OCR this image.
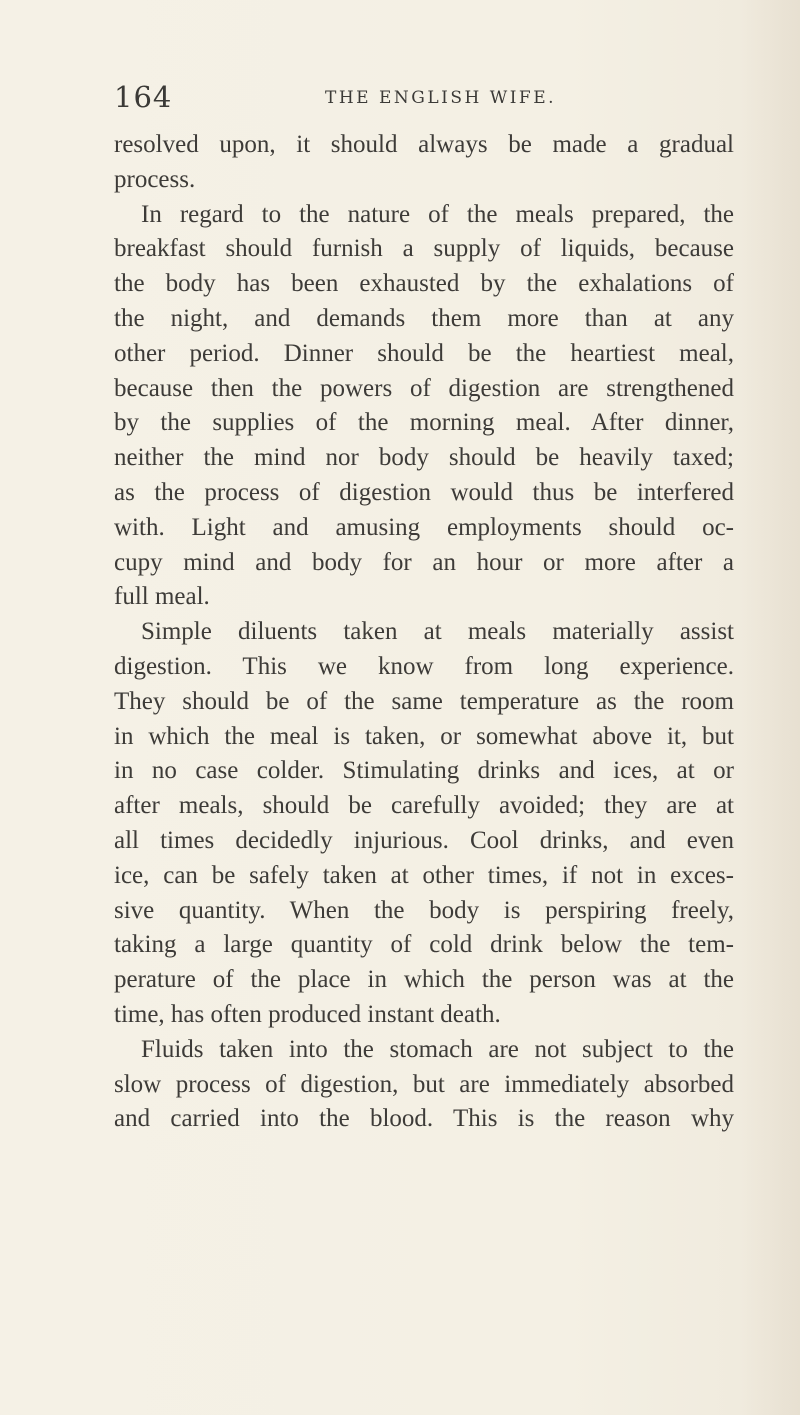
164	THE ENGLISH WIFE.
resolved upon, it should always be made a gradual
process.
In regard to the nature of the meals prepared, the
breakfast should furnish a supply of liquids, because
the body has been exhausted by the exhalations of
the night, and demands them more than at any
other period. Dinner should be the heartiest meal,
because then the powers of digestion are strengthened
by the supplies of the morning meal. After dinner,
neither the mind nor body should be heavily taxed;
as the process of digestion would thus be interfered
with. Light and amusing employments should oc-
cupy mind and body for an hour or more after a
full meal.
Simple diluents taken at meals materially assist
digestion. This we know from long experience.
They should be of the same temperature as the room
in which the meal is taken, or somewhat above it, but
in no case colder. Stimulating drinks and ices, at or
after meals, should be carefully avoided; they are at
all times decidedly injurious. Cool drinks, and even
ice, can be safely taken at other times, if not in exces-
sive quantity. When the body is perspiring freely,
taking a large quantity of cold drink below the tem-
perature of the place in which the person was at the
time, has often produced instant death.
Fluids taken into the stomach are not subject to the
slow process of digestion, but are immediately absorbed
and carried into the blood. This is the reason why
